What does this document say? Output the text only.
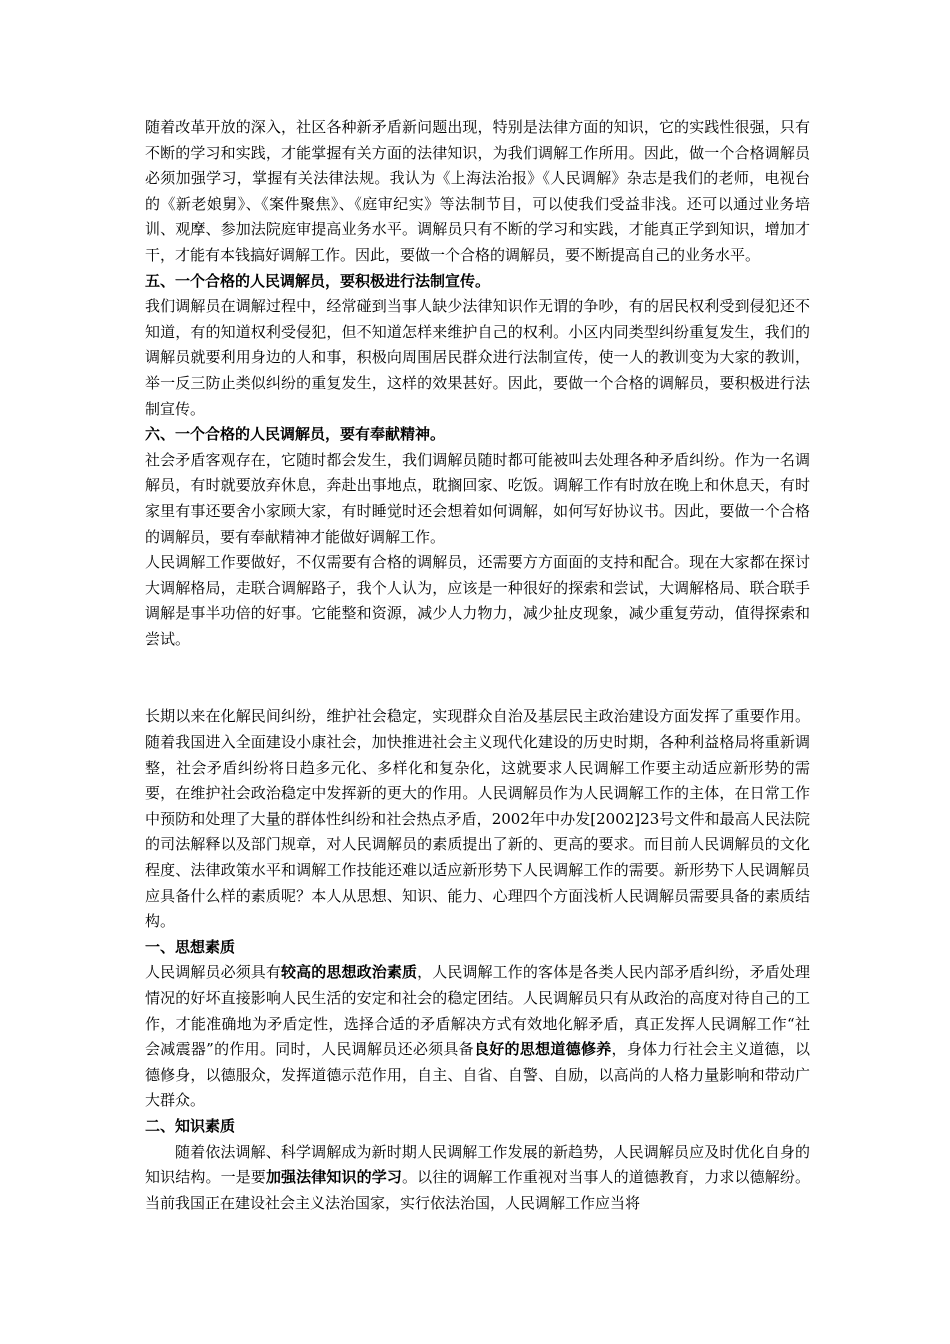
随着改革开放的深入，社区各种新矛盾新问题出现，特别是法律方面的知识，它的实践性很强，只有不断的学习和实践，才能掌握有关方面的法律知识，为我们调解工作所用。因此，做一个合格调解员必须加强学习，掌握有关法律法规。我认为《上海法治报》《人民调解》杂志是我们的老师，电视台的《新老娘舅》、《案件聚焦》、《庭审纪实》等法制节目，可以使我们受益非浅。还可以通过业务培训、观摩、参加法院庭审提高业务水平。调解员只有不断的学习和实践，才能真正学到知识，增加才干，才能有本钱搞好调解工作。因此，要做一个合格的调解员，要不断提高自己的业务水平。

五、一个合格的人民调解员，要积极进行法制宣传。

我们调解员在调解过程中，经常碰到当事人缺少法律知识作无谓的争吵，有的居民权利受到侵犯还不知道，有的知道权利受侵犯，但不知道怎样来维护自己的权利。小区内同类型纠纷重复发生，我们的调解员就要利用身边的人和事，积极向周围居民群众进行法制宣传，使一人的教训变为大家的教训，举一反三防止类似纠纷的重复发生，这样的效果甚好。因此，要做一个合格的调解员，要积极进行法制宣传。

六、一个合格的人民调解员，要有奉献精神。

社会矛盾客观存在，它随时都会发生，我们调解员随时都可能被叫去处理各种矛盾纠纷。作为一名调解员，有时就要放弃休息，奔赴出事地点，耽搁回家、吃饭。调解工作有时放在晚上和休息天，有时家里有事还要舍小家顾大家，有时睡觉时还会想着如何调解，如何写好协议书。因此，要做一个合格的调解员，要有奉献精神才能做好调解工作。

人民调解工作要做好，不仅需要有合格的调解员，还需要方方面面的支持和配合。现在大家都在探讨大调解格局，走联合调解路子，我个人认为，应该是一种很好的探索和尝试，大调解格局、联合联手调解是事半功倍的好事。它能整和资源，减少人力物力，减少扯皮现象，减少重复劳动，值得探索和尝试。

长期以来在化解民间纠纷，维护社会稳定，实现群众自治及基层民主政治建设方面发挥了重要作用。随着我国进入全面建设小康社会，加快推进社会主义现代化建设的历史时期，各种利益格局将重新调整，社会矛盾纠纷将日趋多元化、多样化和复杂化，这就要求人民调解工作要主动适应新形势的需要，在维护社会政治稳定中发挥新的更大的作用。人民调解员作为人民调解工作的主体，在日常工作中预防和处理了大量的群体性纠纷和社会热点矛盾，2002年中办发[2002]23号文件和最高人民法院的司法解释以及部门规章，对人民调解员的素质提出了新的、更高的要求。而目前人民调解员的文化程度、法律政策水平和调解工作技能还难以适应新形势下人民调解工作的需要。新形势下人民调解员应具备什么样的素质呢？本人从思想、知识、能力、心理四个方面浅析人民调解员需要具备的素质结构。

一、思想素质

人民调解员必须具有较高的思想政治素质，人民调解工作的客体是各类人民内部矛盾纠纷，矛盾处理情况的好坏直接影响人民生活的安定和社会的稳定团结。人民调解员只有从政治的高度对待自己的工作，才能准确地为矛盾定性，选择合适的矛盾解决方式有效地化解矛盾，真正发挥人民调解工作“社会减震器”的作用。同时，人民调解员还必须具备良好的思想道德修养，身体力行社会主义道德，以德修身，以德服众，发挥道德示范作用，自主、自省、自警、自励，以高尚的人格力量影响和带动广大群众。

二、知识素质

随着依法调解、科学调解成为新时期人民调解工作发展的新趋势，人民调解员应及时优化自身的知识结构。一是要加强法律知识的学习。以往的调解工作重视对当事人的道德教育，力求以德解纷。当前我国正在建设社会主义法治国家，实行依法治国，人民调解工作应当将
